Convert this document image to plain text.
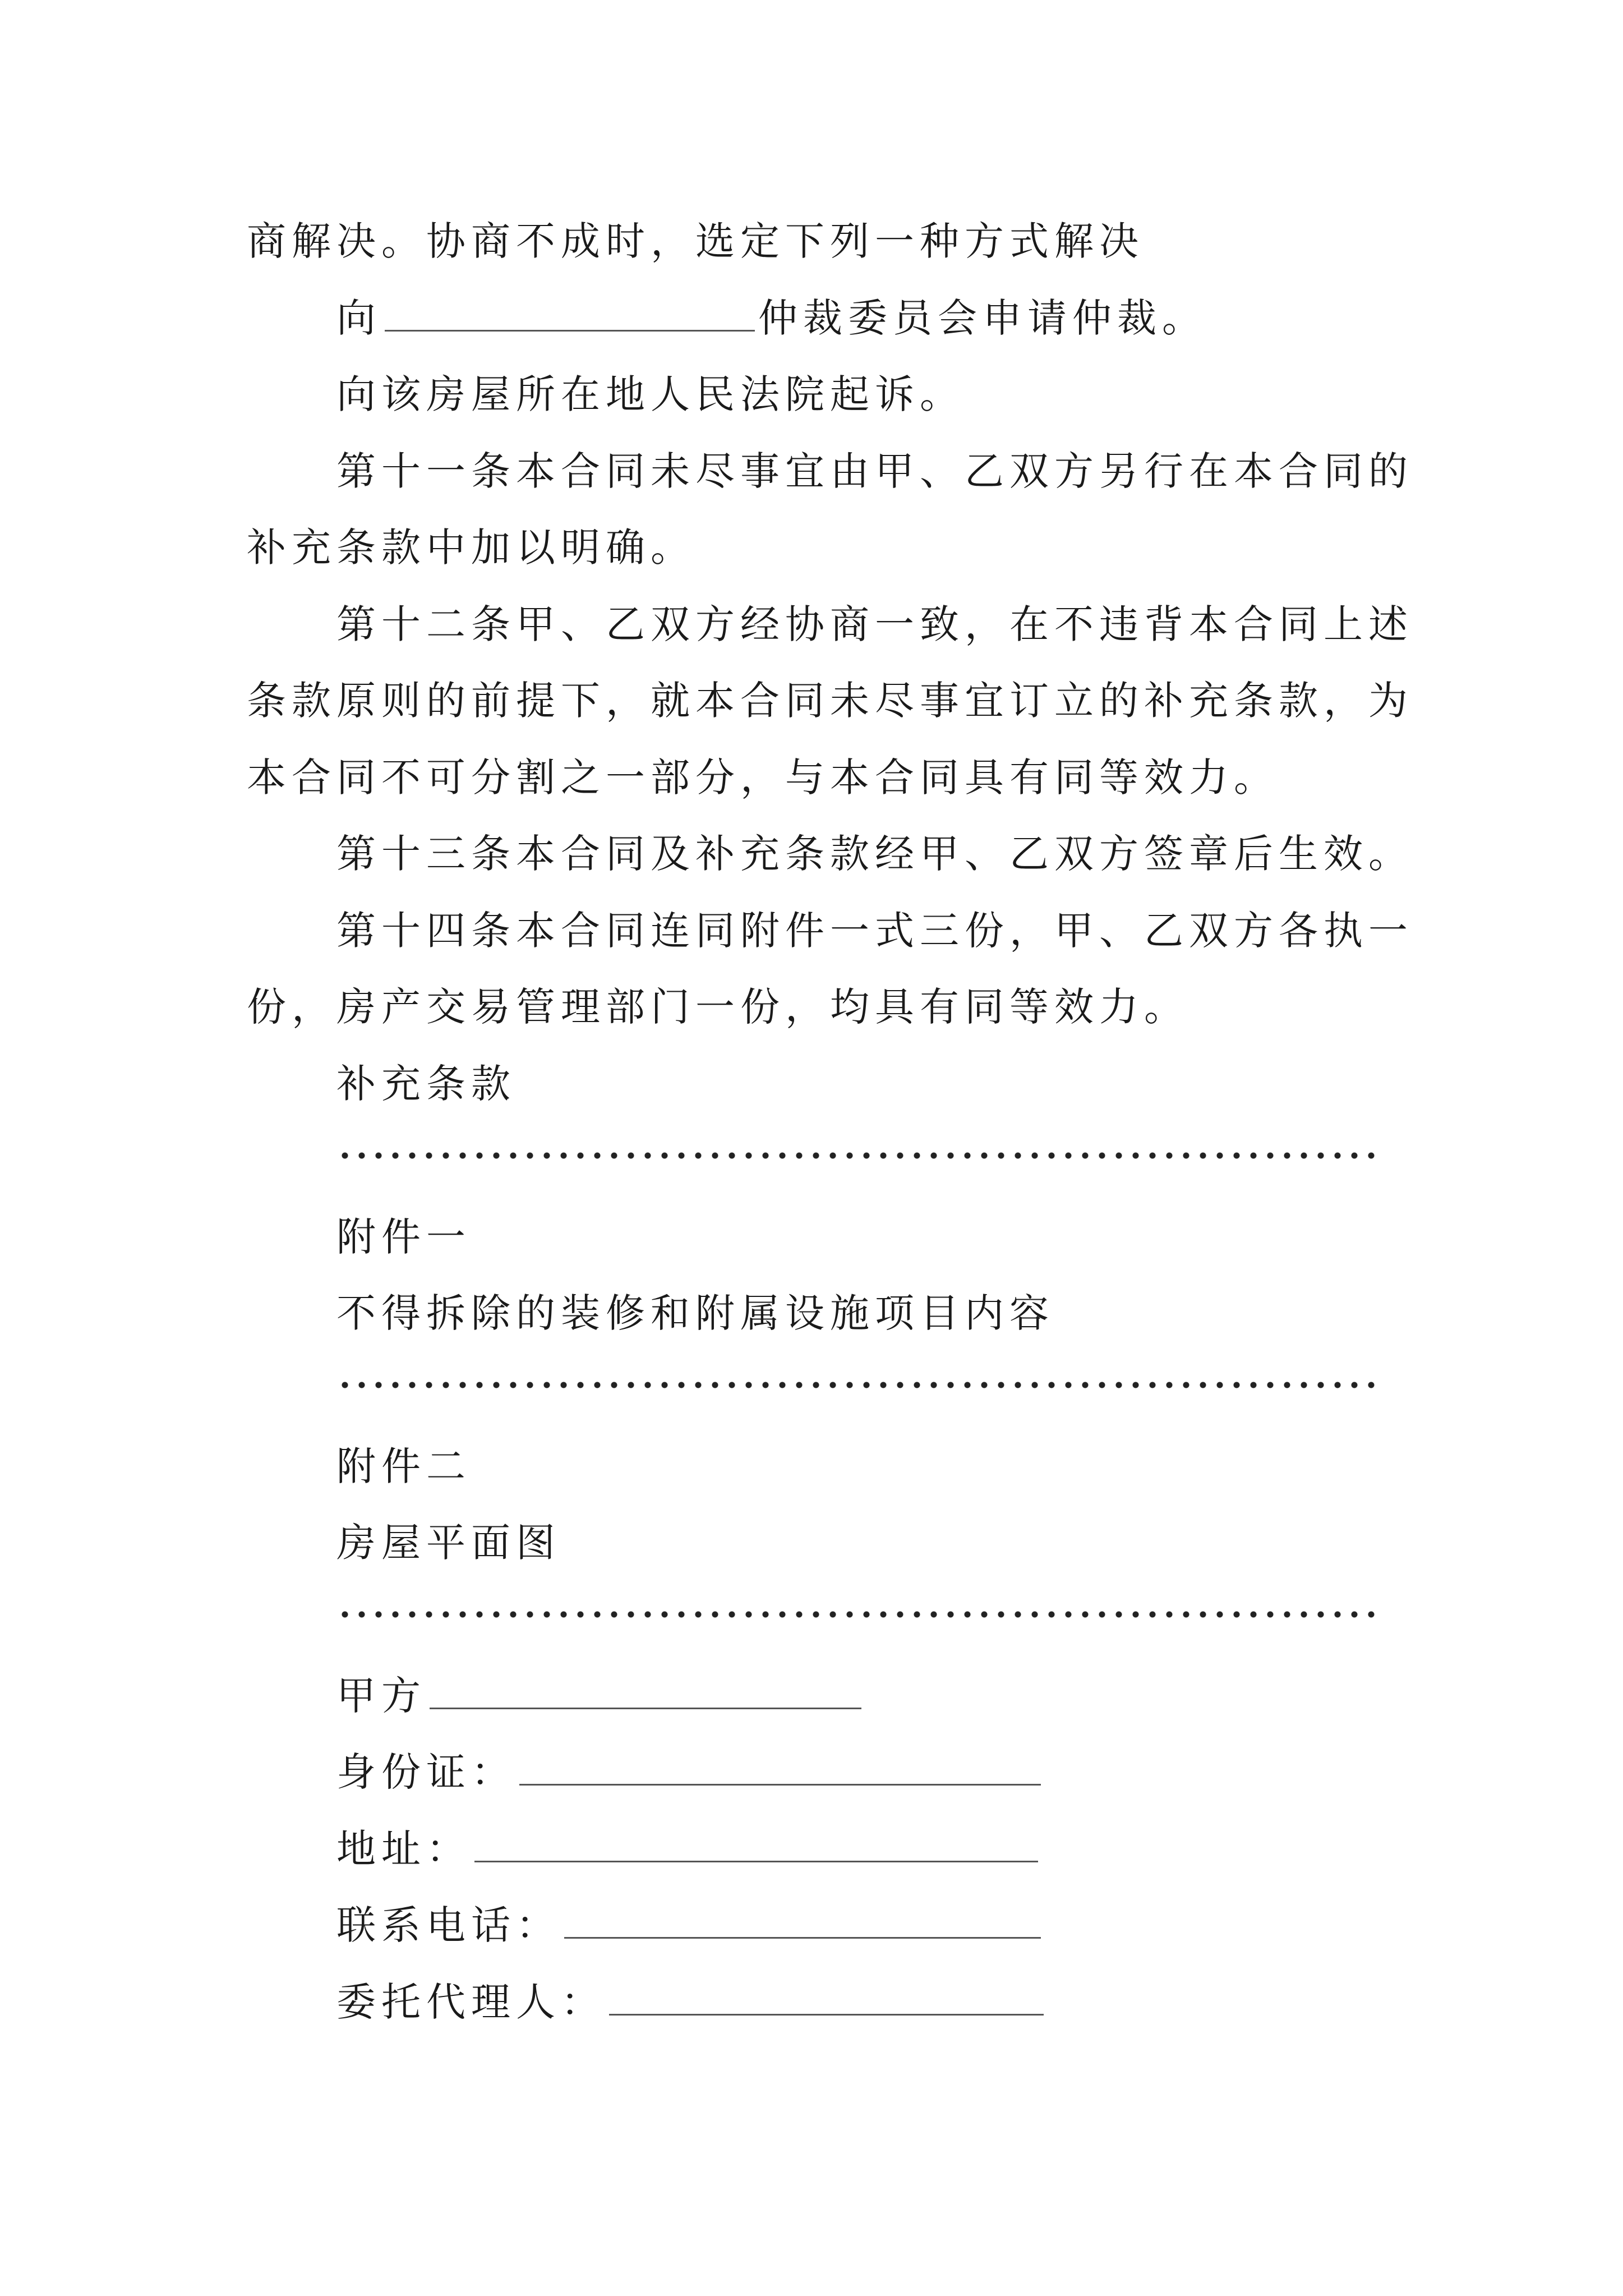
商解决。协商不成时，选定下列一种方式解决
向	仲裁委员会申请仲裁。
向该房屋所在地人民法院起诉。
第十一条本合同未尽事宜由甲、乙双方另行在本合同的
补充条款中加以明确。
第十二条甲、乙双方经协商一致，在不违背本合同上述
条款原则的前提下，就本合同未尽事宜订立的补充条款，为
本合同不可分割之一部分，与本合同具有同等效力。
第十三条本合同及补充条款经甲、乙双方签章后生效。
第十四条本合同连同附件一式三份，甲、乙双方各执一
份，房产交易管理部门一份，均具有同等效力。
补充条款
附件一
不得拆除的装修和附属设施项目内容
附件二
房屋平面图
甲方
身份证：
地址：
联系电话：
委托代理人：
